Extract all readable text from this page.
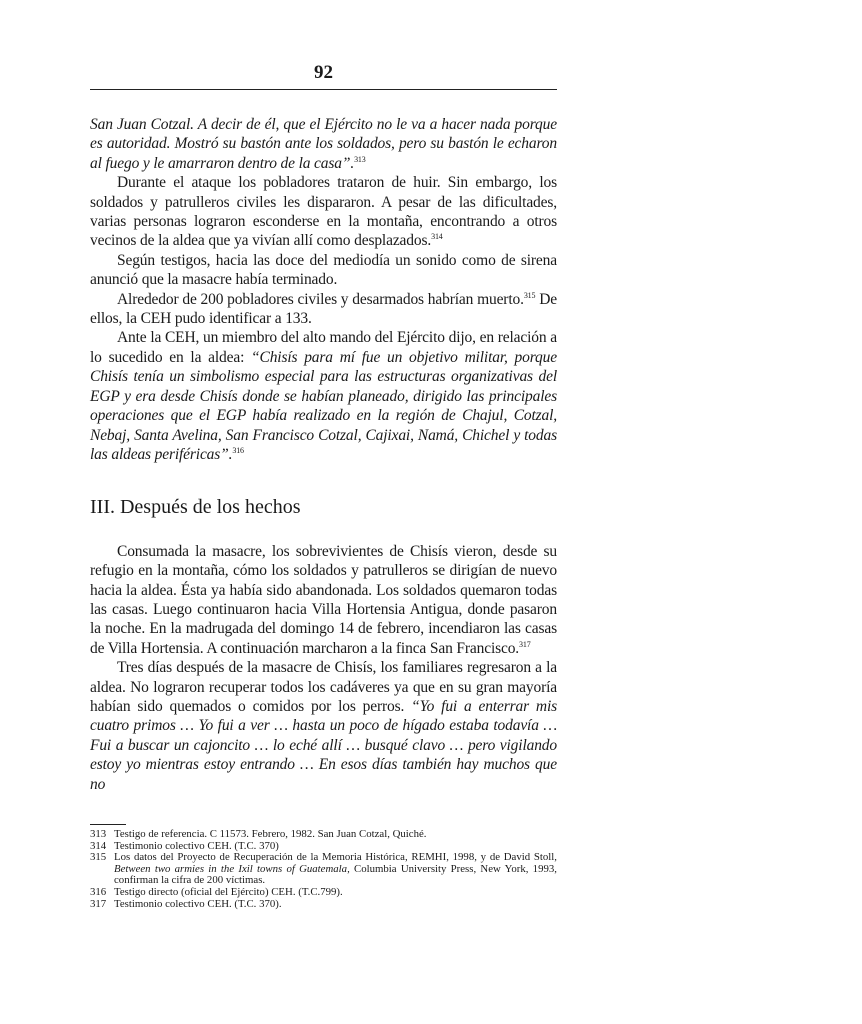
92

San Juan Cotzal. A decir de él, que el Ejército no le va a hacer nada porque es autoridad. Mostró su bastón ante los soldados, pero su bastón le echaron al fuego y le amarraron dentro de la casa”.$^{313}$

Durante el ataque los pobladores trataron de huir. Sin embargo, los soldados y patrulleros civiles les dispararon. A pesar de las dificultades, varias personas lograron esconderse en la montaña, encontrando a otros vecinos de la aldea que ya vivían allí como desplazados.$^{314}$

Según testigos, hacia las doce del mediodía un sonido como de sirena anunció que la masacre había terminado.

Alrededor de 200 pobladores civiles y desarmados habrían muerto.$^{315}$ De ellos, la CEH pudo identificar a 133.

Ante la CEH, un miembro del alto mando del Ejército dijo, en relación a lo sucedido en la aldea: “Chisís para mí fue un objetivo militar, porque Chisís tenía un simbolismo especial para las estructuras organizativas del EGP y era desde Chisís donde se habían planeado, dirigido las principales operaciones que el EGP había realizado en la región de Chajul, Cotzal, Nebaj, Santa Avelina, San Francisco Cotzal, Cajixai, Namá, Chichel y todas las aldeas periféricas”.$^{316}$

III. Después de los hechos

Consumada la masacre, los sobrevivientes de Chisís vieron, desde su refugio en la montaña, cómo los soldados y patrulleros se dirigían de nuevo hacia la aldea. Ésta ya había sido abandonada. Los soldados quemaron todas las casas. Luego continuaron hacia Villa Hortensia Antigua, donde pasaron la noche. En la madrugada del domingo 14 de febrero, incendiaron las casas de Villa Hortensia. A continuación marcharon a la finca San Francisco.$^{317}$

Tres días después de la masacre de Chisís, los familiares regresaron a la aldea. No lograron recuperar todos los cadáveres ya que en su gran mayoría habían sido quemados o comidos por los perros. “Yo fui a enterrar mis cuatro primos … Yo fui a ver … hasta un poco de hígado estaba todavía … Fui a buscar un cajoncito … lo eché allí … busqué clavo … pero vigilando estoy yo mientras estoy entrando … En esos días también hay muchos que no

313 Testigo de referencia. C 11573. Febrero, 1982. San Juan Cotzal, Quiché.
314 Testimonio colectivo CEH. (T.C. 370)
315 Los datos del Proyecto de Recuperación de la Memoria Histórica, REMHI, 1998, y de David Stoll, Between two armies in the Ixil towns of Guatemala, Columbia University Press, New York, 1993, confirman la cifra de 200 víctimas.
316 Testigo directo (oficial del Ejército) CEH. (T.C.799).
317 Testimonio colectivo CEH. (T.C. 370).
